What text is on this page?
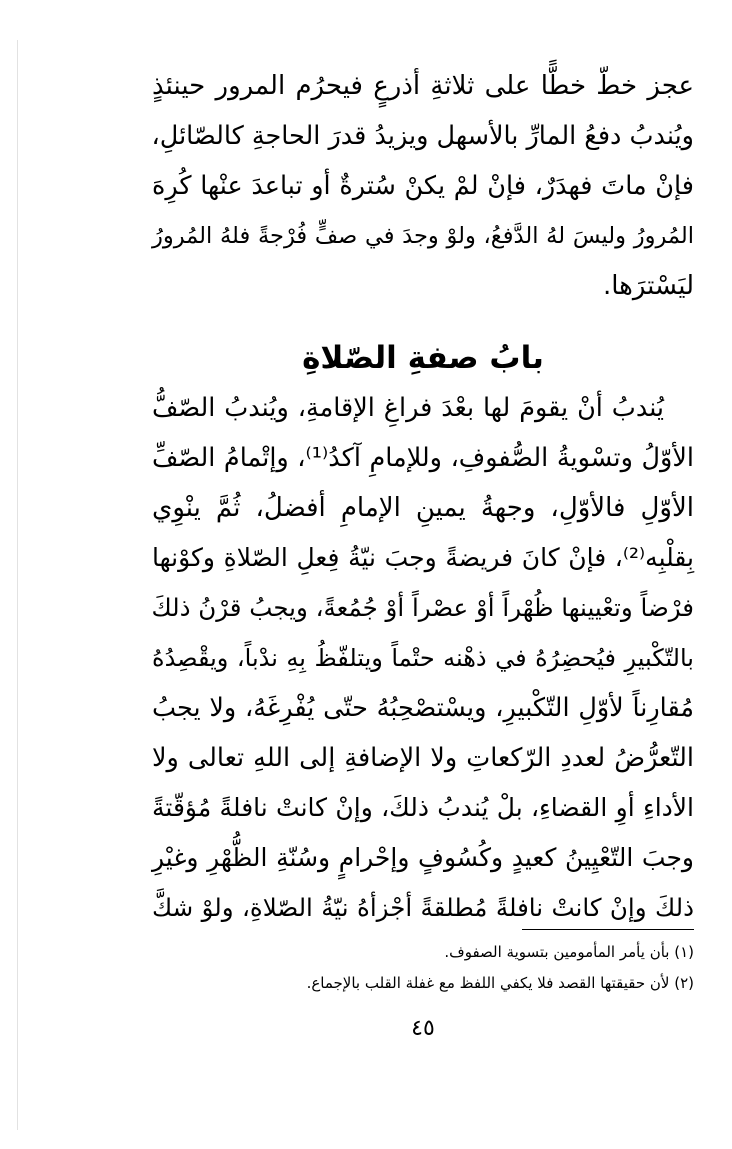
عجز خطّ خطًّا على ثلاثةِ أذرعٍ فيحرُم المرور حينئذٍ
ويُندبُ دفعُ المارِّ بالأسهل ويزيدُ قدرَ الحاجةِ كالصّائلِ،
فإنْ ماتَ فهدَرٌ، فإنْ لمْ يكنْ سُترةٌ أو تباعدَ عنْها كُرِهَ
المُرورُ وليسَ لهُ الدَّفعُ، ولوْ وجدَ في صفٍّ فُرْجةً فلهُ المُرورُ
ليَسْترَها.
بابُ صفةِ الصّلاةِ
يُندبُ أنْ يقومَ لها بعْدَ فراغِ الإقامةِ، ويُندبُ الصّفُّ
الأوّلُ وتسْويةُ الصُّفوفِ، وللإمامِ آكدُ⁽¹⁾، وإتْمامُ الصّفِّ
الأوّلِ فالأوّلِ، وجهةُ يمينِ الإمامِ أفضلُ، ثُمَّ ينْوِي
بِقلْبِه⁽²⁾، فإنْ كانَ فريضةً وجبَ نيّةُ فِعلِ الصّلاةِ وكوْنها
فرْضاً وتعْيينها ظُهْراً أوْ عصْراً أوْ جُمُعةً، ويجبُ قرْنُ ذلكَ
بالتّكْبيرِ فيُحضِرُهُ في ذهْنه حتْماً ويتلفّظُ بِهِ ندْباً، ويقْصِدُهُ
مُقارِناً لأوّلِ التّكْبيرِ، ويسْتصْحِبُهُ حتّى يُفْرِغَهُ، ولا يجبُ
التّعرُّضُ لعددِ الرّكعاتِ ولا الإضافةِ إلى اللهِ تعالى ولا
الأداءِ أوِ القضاءِ، بلْ يُندبُ ذلكَ، وإنْ كانتْ نافلةً مُؤقّتةً
وجبَ التّعْيِينُ كعيدٍ وكُسُوفٍ وإحْرامٍ وسُنّةِ الظُّهْرِ وغيْرِ
ذلكَ وإنْ كانتْ نافلةً مُطلقةً أجْزأهُ نيّةُ الصّلاةِ، ولوْ شكَّ
(١) بأن يأمر المأمومين بتسوية الصفوف.
(٢) لأن حقيقتها القصد فلا يكفي اللفظ مع غفلة القلب بالإجماع.
٤٥
